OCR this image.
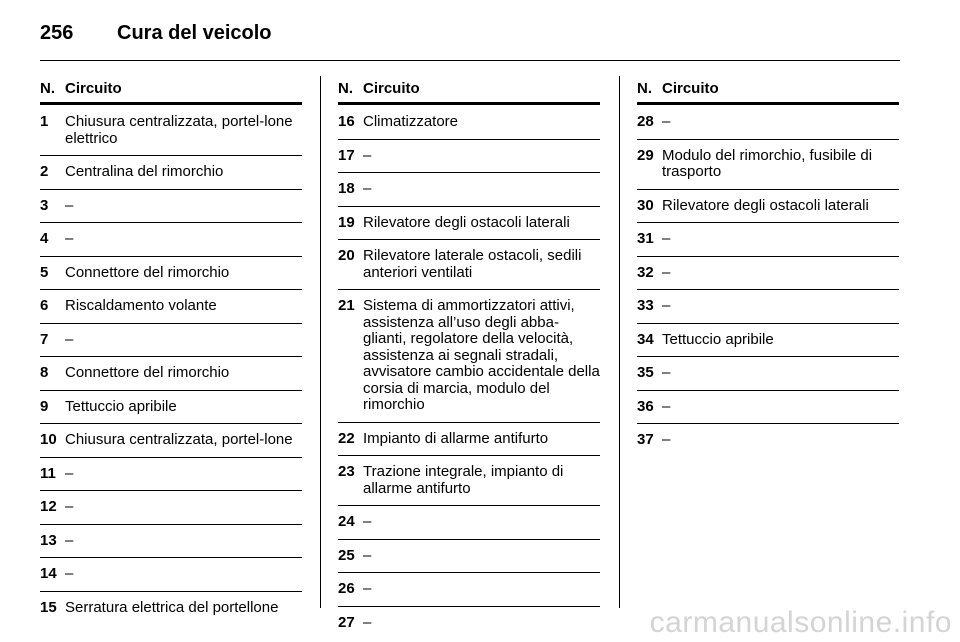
256	Cura del veicolo
N. Circuito
1	Chiusura centralizzata, portel-lone elettrico
2	Centralina del rimorchio
3	–
4	–
5	Connettore del rimorchio
6	Riscaldamento volante
7	–
8	Connettore del rimorchio
9	Tettuccio apribile
10 Chiusura centralizzata, portel-lone
11 –
12 –
13 –
14 –
15 Serratura elettrica del portellone
N. Circuito
16 Climatizzatore
17 –
18 –
19 Rilevatore degli ostacoli laterali
20 Rilevatore laterale ostacoli, sedili anteriori ventilati
21 Sistema di ammortizzatori attivi, assistenza all’uso degli abba-glianti, regolatore della velocità, assistenza ai segnali stradali, avvisatore cambio accidentale della corsia di marcia, modulo del rimorchio
22 Impianto di allarme antifurto
23 Trazione integrale, impianto di allarme antifurto
24 –
25 –
26 –
27 –
N. Circuito
28 –
29 Modulo del rimorchio, fusibile di trasporto
30 Rilevatore degli ostacoli laterali
31 –
32 –
33 –
34 Tettuccio apribile
35 –
36 –
37 –
carmanualsonline.info
